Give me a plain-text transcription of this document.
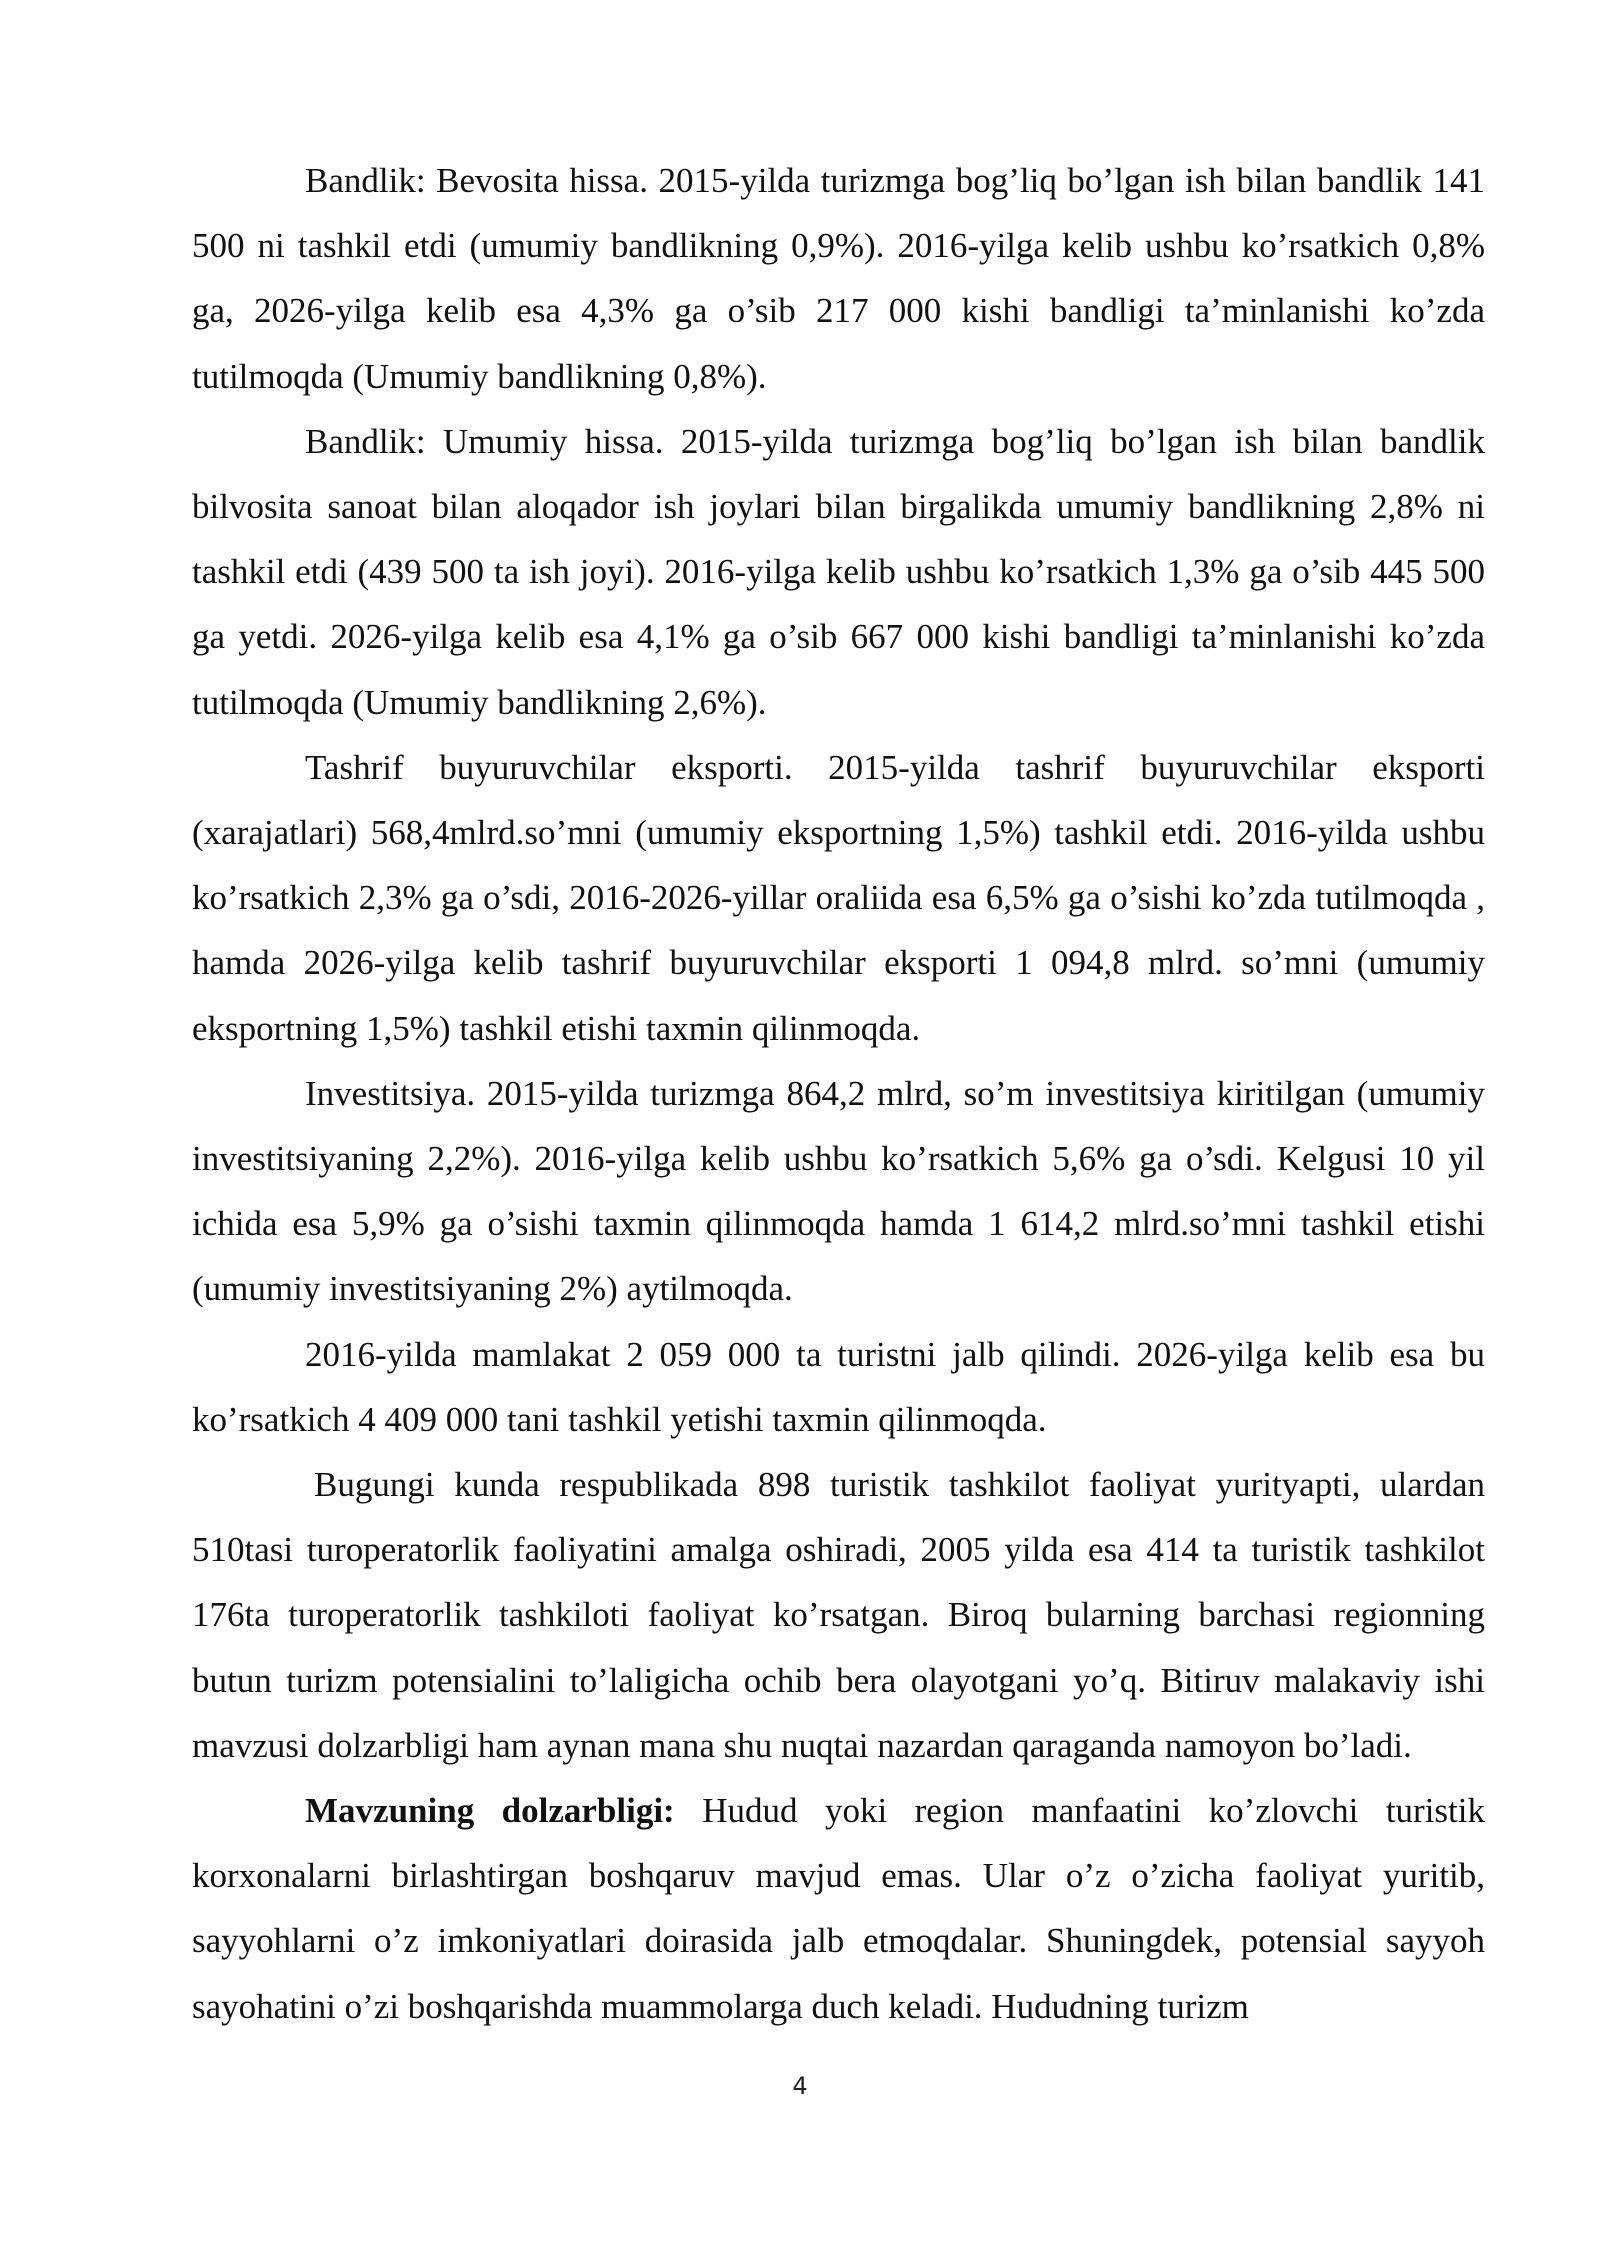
Bandlik: Bevosita hissa. 2015-yilda turizmga bog’liq bo’lgan ish bilan bandlik 141 500 ni tashkil etdi (umumiy bandlikning 0,9%). 2016-yilga kelib ushbu ko’rsatkich 0,8% ga, 2026-yilga kelib esa 4,3% ga o’sib 217 000 kishi bandligi ta’minlanishi ko’zda tutilmoqda (Umumiy bandlikning 0,8%).

Bandlik: Umumiy hissa. 2015-yilda turizmga bog’liq bo’lgan ish bilan bandlik bilvosita sanoat bilan aloqador ish joylari bilan birgalikda umumiy bandlikning 2,8% ni tashkil etdi (439 500 ta ish joyi). 2016-yilga kelib ushbu ko’rsatkich 1,3% ga o’sib 445 500 ga yetdi. 2026-yilga kelib esa 4,1% ga o’sib 667 000 kishi bandligi ta’minlanishi ko’zda tutilmoqda (Umumiy bandlikning 2,6%).

Tashrif buyuruvchilar eksporti. 2015-yilda tashrif buyuruvchilar eksporti (xarajatlari) 568,4mlrd.so’mni (umumiy eksportning 1,5%) tashkil etdi. 2016-yilda ushbu ko’rsatkich 2,3% ga o’sdi, 2016-2026-yillar oraliida esa 6,5% ga o’sishi ko’zda tutilmoqda , hamda 2026-yilga kelib tashrif buyuruvchilar eksporti 1 094,8 mlrd. so’mni (umumiy eksportning 1,5%) tashkil etishi taxmin qilinmoqda.

Investitsiya. 2015-yilda turizmga 864,2 mlrd, so’m investitsiya kiritilgan (umumiy investitsiyaning 2,2%). 2016-yilga kelib ushbu ko’rsatkich 5,6% ga o’sdi. Kelgusi 10 yil ichida esa 5,9% ga o’sishi taxmin qilinmoqda hamda 1 614,2 mlrd.so’mni tashkil etishi (umumiy investitsiyaning 2%) aytilmoqda.

2016-yilda mamlakat 2 059 000 ta turistni jalb qilindi. 2026-yilga kelib esa bu ko’rsatkich 4 409 000 tani tashkil yetishi taxmin qilinmoqda.

Bugungi kunda respublikada 898 turistik tashkilot faoliyat yurityapti, ulardan 510tasi turoperatorlik faoliyatini amalga oshiradi, 2005 yilda esa 414 ta turistik tashkilot 176ta turoperatorlik tashkiloti faoliyat ko’rsatgan. Biroq bularning barchasi regionning butun turizm potensialini to’laligicha ochib bera olayotgani yo’q. Bitiruv malakaviy ishi mavzusi dolzarbligi ham aynan mana shu nuqtai nazardan qaraganda namoyon bo’ladi.

Mavzuning dolzarbligi: Hudud yoki region manfaatini ko’zlovchi turistik korxonalarni birlashtirgan boshqaruv mavjud emas. Ular o’z o’zicha faoliyat yuritib, sayyohlarni o’z imkoniyatlari doirasida jalb etmoqdalar. Shuningdek, potensial sayyoh sayohatini o’zi boshqarishda muammolarga duch keladi. Hududning turizm

4
